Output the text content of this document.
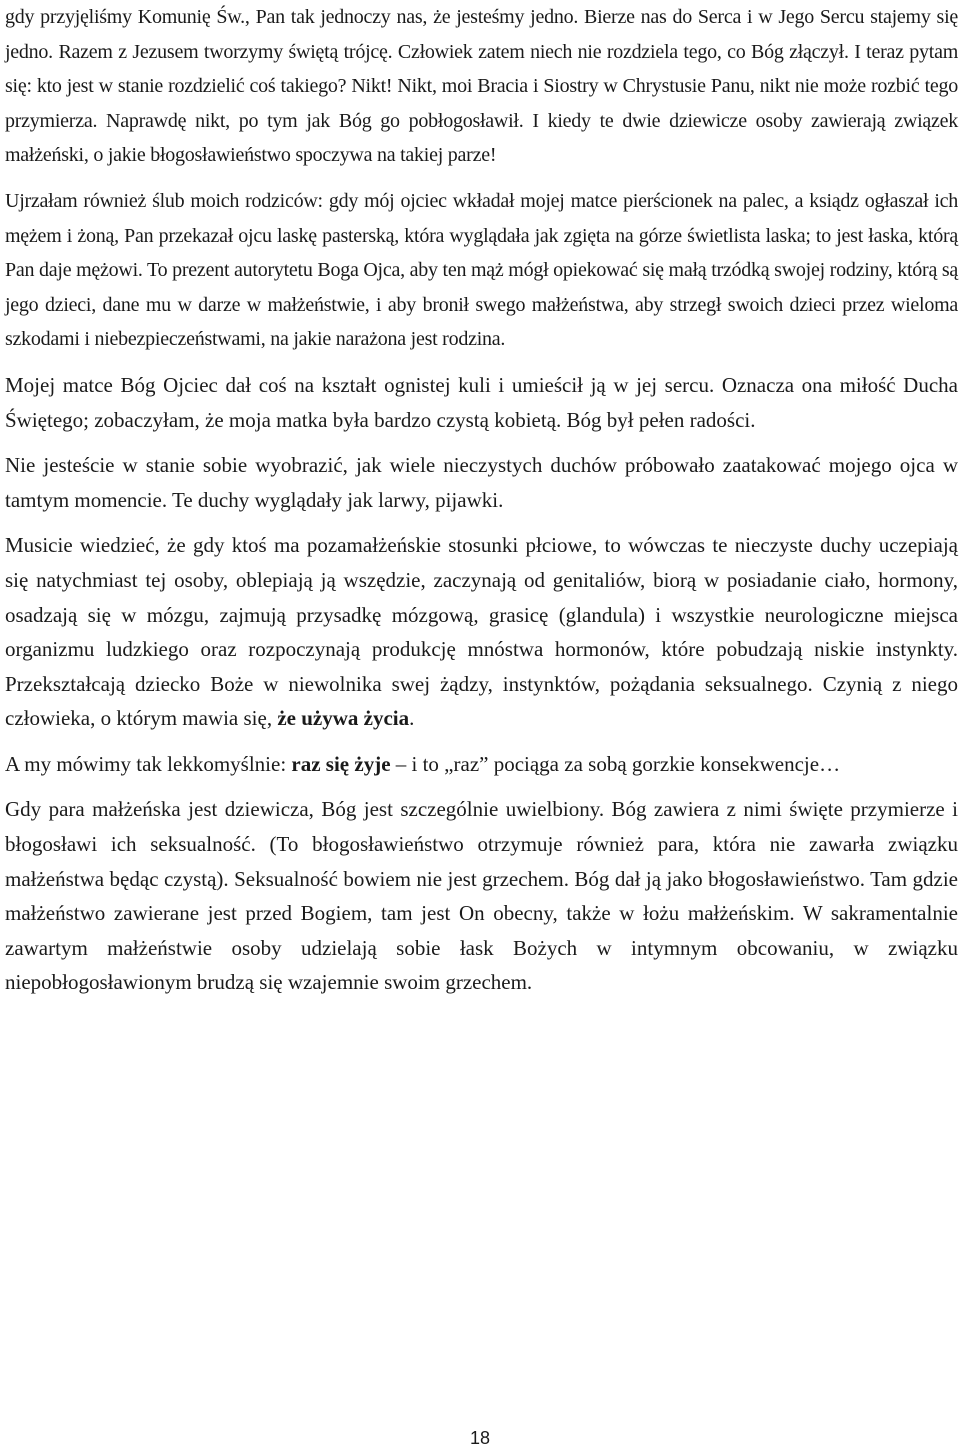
gdy przyjęliśmy Komunię Św., Pan tak jednoczy nas, że jesteśmy jedno. Bierze nas do Serca i w Jego Sercu stajemy się jedno. Razem z Jezusem tworzymy świętą trójcę. Człowiek zatem niech nie rozdziela tego, co Bóg złączył. I teraz pytam się: kto jest w stanie rozdzielić coś takiego? Nikt! Nikt, moi Bracia i Siostry w Chrystusie Panu, nikt nie może rozbić tego przymierza. Naprawdę nikt, po tym jak Bóg go pobłogosławił. I kiedy te dwie dziewicze osoby zawierają związek małżeński, o jakie błogosławieństwo spoczywa na takiej parze!

Ujrzałam również ślub moich rodziców: gdy mój ojciec wkładał mojej matce pierścionek na palec, a ksiądz ogłaszał ich mężem i żoną, Pan przekazał ojcu laskę pasterską, która wyglądała jak zgięta na górze świetlista laska; to jest łaska, którą Pan daje mężowi. To prezent autorytetu Boga Ojca, aby ten mąż mógł opiekować się małą trzódką swojej rodziny, którą są jego dzieci, dane mu w darze w małżeństwie, i aby bronił swego małżeństwa, aby strzegł swoich dzieci przez wieloma szkodami i niebezpieczeństwami, na jakie narażona jest rodzina.

Mojej matce Bóg Ojciec dał coś na kształt ognistej kuli i umieścił ją w jej sercu. Oznacza ona miłość Ducha Świętego; zobaczyłam, że moja matka była bardzo czystą kobietą. Bóg był pełen radości.

Nie jesteście w stanie sobie wyobrazić, jak wiele nieczystych duchów próbowało zaatakować mojego ojca w tamtym momencie. Te duchy wyglądały jak larwy, pijawki.

Musicie wiedzieć, że gdy ktoś ma pozamałżeńskie stosunki płciowe, to wówczas te nieczyste duchy uczepiają się natychmiast tej osoby, oblepiają ją wszędzie, zaczynają od genitaliów, biorą w posiadanie ciało, hormony, osadzają się w mózgu, zajmują przysadkę mózgową, grasicę (glandula) i wszystkie neurologiczne miejsca organizmu ludzkiego oraz rozpoczynają produkcję mnóstwa hormonów, które pobudzają niskie instynkty. Przekształcają dziecko Boże w niewolnika swej żądzy, instynktów, pożądania seksualnego. Czynią z niego człowieka, o którym mawia się, że używa życia.

A my mówimy tak lekkomyślnie: raz się żyje – i to „raz” pociąga za sobą gorzkie konsekwencje…

Gdy para małżeńska jest dziewicza, Bóg jest szczególnie uwielbiony. Bóg zawiera z nimi święte przymierze i błogosławi ich seksualność. (To błogosławieństwo otrzymuje również para, która nie zawarła związku małżeństwa będąc czystą). Seksualność bowiem nie jest grzechem. Bóg dał ją jako błogosławieństwo. Tam gdzie małżeństwo zawierane jest przed Bogiem, tam jest On obecny, także w łożu małżeńskim. W sakramentalnie zawartym małżeństwie osoby udzielają sobie łask Bożych w intymnym obcowaniu, w związku niepobłogosławionym brudzą się wzajemnie swoim grzechem.

18
